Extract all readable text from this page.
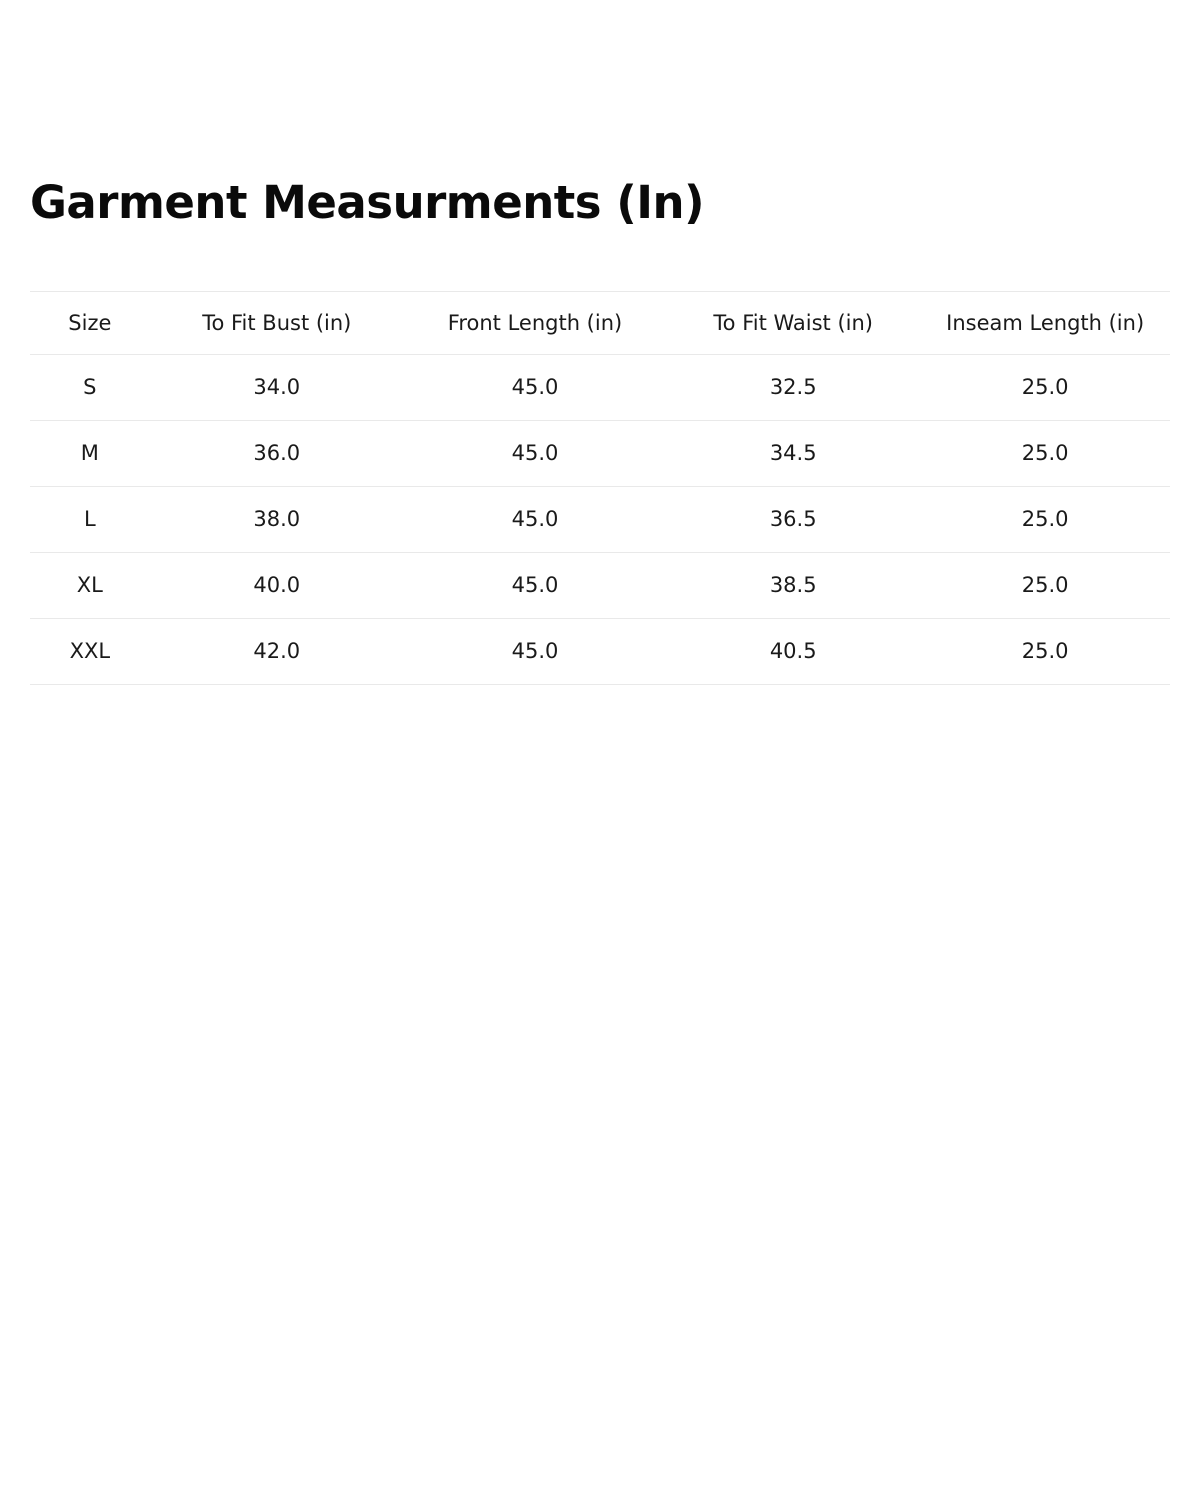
Garment Measurments (In)
Size	To Fit Bust (in)	Front Length (in)	To Fit Waist (in)	Inseam Length (in)
S	34.0	45.0	32.5	25.0
M	36.0	45.0	34.5	25.0
L	38.0	45.0	36.5	25.0
XL	40.0	45.0	38.5	25.0
XXL	42.0	45.0	40.5	25.0
